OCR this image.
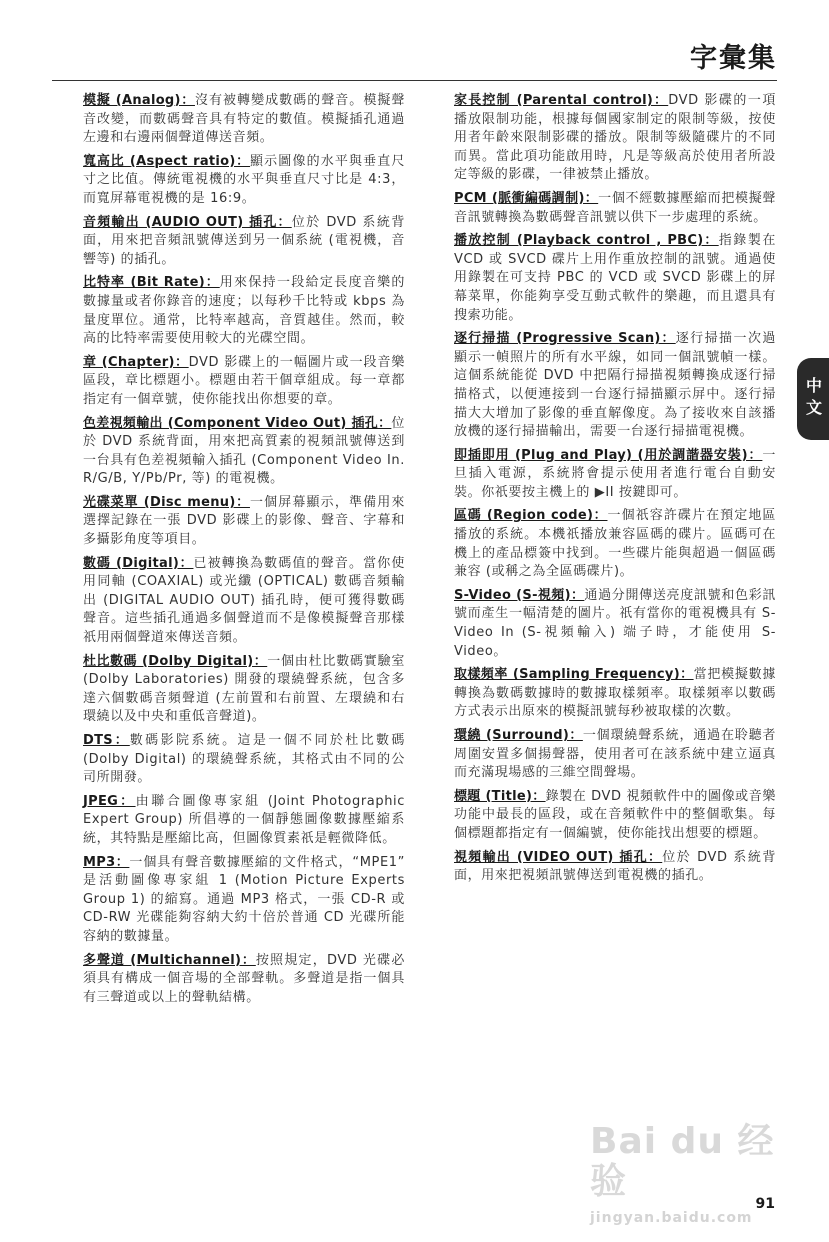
字彙集

模擬 (Analog)：沒有被轉變成數碼的聲音。模擬聲音改變，而數碼聲音具有特定的數值。模擬插孔通過左邊和右邊兩個聲道傳送音頻。

寬高比 (Aspect ratio)：顯示圖像的水平與垂直尺寸之比值。傳統電視機的水平與垂直尺寸比是 4:3，而寬屏幕電視機的是 16:9。

音頻輸出 (AUDIO OUT) 插孔：位於 DVD 系統背面，用來把音頻訊號傳送到另一個系統 (電視機，音響等) 的插孔。

比特率 (Bit Rate)：用來保持一段給定長度音樂的數據量或者你錄音的速度；以每秒千比特或 kbps 為量度單位。通常，比特率越高，音質越佳。然而，較高的比特率需要使用較大的光碟空間。

章 (Chapter)：DVD 影碟上的一幅圖片或一段音樂區段，章比標題小。標題由若干個章組成。每一章都指定有一個章號，使你能找出你想要的章。

色差視頻輸出 (Component Video Out) 插孔：位於 DVD 系統背面，用來把高質素的視頻訊號傳送到一台具有色差視頻輸入插孔 (Component Video In. R/G/B, Y/Pb/Pr, 等) 的電視機。

光碟菜單 (Disc menu)：一個屏幕顯示，準備用來選擇記錄在一張 DVD 影碟上的影像、聲音、字幕和多攝影角度等項目。

數碼 (Digital)：已被轉換為數碼值的聲音。當你使用同軸 (COAXIAL) 或光纖 (OPTICAL) 數碼音頻輸出 (DIGITAL AUDIO OUT) 插孔時，便可獲得數碼聲音。這些插孔通過多個聲道而不是像模擬聲音那樣祇用兩個聲道來傳送音頻。

杜比數碼 (Dolby Digital)：一個由杜比數碼實驗室 (Dolby Laboratories) 開發的環繞聲系統，包含多達六個數碼音頻聲道 (左前置和右前置、左環繞和右環繞以及中央和重低音聲道)。

DTS：數碼影院系統。這是一個不同於杜比數碼 (Dolby Digital) 的環繞聲系統，其格式由不同的公司所開發。

JPEG：由聯合圖像專家組 (Joint Photographic Expert Group) 所倡導的一個靜態圖像數據壓縮系統，其特點是壓縮比高，但圖像質素祇是輕微降低。

MP3：一個具有聲音數據壓縮的文件格式，“MPE1” 是活動圖像專家組 1 (Motion Picture Experts Group 1) 的縮寫。通過 MP3 格式，一張 CD-R 或 CD-RW 光碟能夠容納大約十倍於普通 CD 光碟所能容納的數據量。

多聲道 (Multichannel)：按照規定，DVD 光碟必須具有構成一個音場的全部聲軌。多聲道是指一個具有三聲道或以上的聲軌結構。

家長控制 (Parental control)：DVD 影碟的一項播放限制功能，根據每個國家制定的限制等級，按使用者年齡來限制影碟的播放。限制等級隨碟片的不同而異。當此項功能啟用時，凡是等級高於使用者所設定等級的影碟，一律被禁止播放。

PCM (脈衝編碼調制)：一個不經數據壓縮而把模擬聲音訊號轉換為數碼聲音訊號以供下一步處理的系統。

播放控制 (Playback control , PBC)：指錄製在 VCD 或 SVCD 碟片上用作重放控制的訊號。通過使用錄製在可支持 PBC 的 VCD 或 SVCD 影碟上的屏幕菜單，你能夠享受互動式軟件的樂趣，而且還具有搜索功能。

逐行掃描 (Progressive Scan)：逐行掃描一次過顯示一幀照片的所有水平線，如同一個訊號幀一樣。這個系統能從 DVD 中把隔行掃描視頻轉換成逐行掃描格式，以便連接到一台逐行掃描顯示屏中。逐行掃描大大增加了影像的垂直解像度。為了接收來自該播放機的逐行掃描輸出，需要一台逐行掃描電視機。

即插即用 (Plug and Play) (用於調諧器安裝)：一旦插入電源，系統將會提示使用者進行電台自動安裝。你祇要按主機上的 ▶II 按鍵即可。

區碼 (Region code)：一個祇容許碟片在預定地區播放的系統。本機祇播放兼容區碼的碟片。區碼可在機上的產品標簽中找到。一些碟片能與超過一個區碼兼容 (或稱之為全區碼碟片)。

S-Video (S-視頻)：通過分開傳送亮度訊號和色彩訊號而產生一幅清楚的圖片。祇有當你的電視機具有 S-Video In (S-視頻輸入) 端子時，才能使用 S-Video。

取樣頻率 (Sampling Frequency)：當把模擬數據轉換為數碼數據時的數據取樣頻率。取樣頻率以數碼方式表示出原來的模擬訊號每秒被取樣的次數。

環繞 (Surround)：一個環繞聲系統，通過在聆聽者周圍安置多個揚聲器，使用者可在該系統中建立逼真而充滿現場感的三維空間聲場。

標題 (Title)：錄製在 DVD 視頻軟件中的圖像或音樂功能中最長的區段，或在音頻軟件中的整個歌集。每個標題都指定有一個編號，使你能找出想要的標題。

視頻輸出 (VIDEO OUT) 插孔：位於 DVD 系統背面，用來把視頻訊號傳送到電視機的插孔。

中文
Bai du 经验
jingyan.baidu.com
91
